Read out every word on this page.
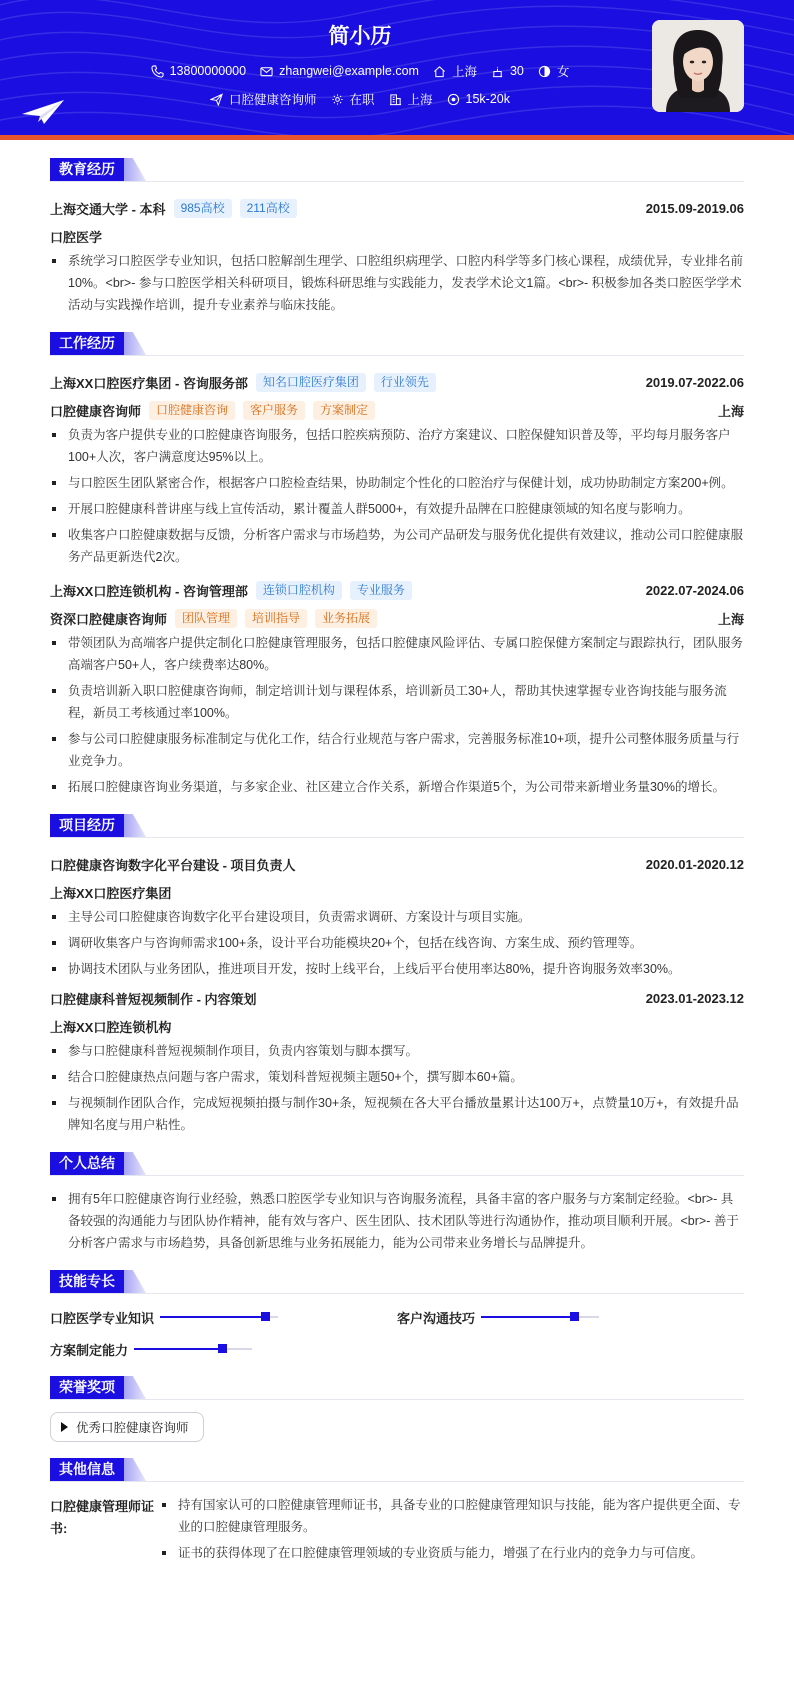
简小历
13800000000	zhangwei@example.com	上海	30	女
口腔健康咨询师	在职	上海	15k-20k
教育经历
上海交通大学 - 本科	985高校	211高校	2015.09-2019.06
口腔医学
系统学习口腔医学专业知识，包括口腔解剖生理学、口腔组织病理学、口腔内科学等多门核心课程，成绩优异，专业排名前10%。<br>- 参与口腔医学相关科研项目，锻炼科研思维与实践能力，发表学术论文1篇。<br>- 积极参加各类口腔医学学术活动与实践操作培训，提升专业素养与临床技能。
工作经历
上海XX口腔医疗集团 - 咨询服务部	知名口腔医疗集团	行业领先	2019.07-2022.06
口腔健康咨询师	口腔健康咨询	客户服务	方案制定	上海
负责为客户提供专业的口腔健康咨询服务，包括口腔疾病预防、治疗方案建议、口腔保健知识普及等，平均每月服务客户100+人次，客户满意度达95%以上。
与口腔医生团队紧密合作，根据客户口腔检查结果，协助制定个性化的口腔治疗与保健计划，成功协助制定方案200+例。
开展口腔健康科普讲座与线上宣传活动，累计覆盖人群5000+，有效提升品牌在口腔健康领域的知名度与影响力。
收集客户口腔健康数据与反馈，分析客户需求与市场趋势，为公司产品研发与服务优化提供有效建议，推动公司口腔健康服务产品更新迭代2次。
上海XX口腔连锁机构 - 咨询管理部	连锁口腔机构	专业服务	2022.07-2024.06
资深口腔健康咨询师	团队管理	培训指导	业务拓展	上海
带领团队为高端客户提供定制化口腔健康管理服务，包括口腔健康风险评估、专属口腔保健方案制定与跟踪执行，团队服务高端客户50+人，客户续费率达80%。
负责培训新入职口腔健康咨询师，制定培训计划与课程体系，培训新员工30+人，帮助其快速掌握专业咨询技能与服务流程，新员工考核通过率100%。
参与公司口腔健康服务标准制定与优化工作，结合行业规范与客户需求，完善服务标准10+项，提升公司整体服务质量与行业竞争力。
拓展口腔健康咨询业务渠道，与多家企业、社区建立合作关系，新增合作渠道5个，为公司带来新增业务量30%的增长。
项目经历
口腔健康咨询数字化平台建设 - 项目负责人	2020.01-2020.12
上海XX口腔医疗集团
主导公司口腔健康咨询数字化平台建设项目，负责需求调研、方案设计与项目实施。
调研收集客户与咨询师需求100+条，设计平台功能模块20+个，包括在线咨询、方案生成、预约管理等。
协调技术团队与业务团队，推进项目开发，按时上线平台，上线后平台使用率达80%，提升咨询服务效率30%。
口腔健康科普短视频制作 - 内容策划	2023.01-2023.12
上海XX口腔连锁机构
参与口腔健康科普短视频制作项目，负责内容策划与脚本撰写。
结合口腔健康热点问题与客户需求，策划科普短视频主题50+个，撰写脚本60+篇。
与视频制作团队合作，完成短视频拍摄与制作30+条，短视频在各大平台播放量累计达100万+，点赞量10万+，有效提升品牌知名度与用户粘性。
个人总结
拥有5年口腔健康咨询行业经验，熟悉口腔医学专业知识与咨询服务流程，具备丰富的客户服务与方案制定经验。<br>- 具备较强的沟通能力与团队协作精神，能有效与客户、医生团队、技术团队等进行沟通协作，推动项目顺利开展。<br>- 善于分析客户需求与市场趋势，具备创新思维与业务拓展能力，能为公司带来业务增长与品牌提升。
技能专长
口腔医学专业知识	客户沟通技巧
方案制定能力
荣誉奖项
优秀口腔健康咨询师
其他信息
口腔健康管理师证书:
持有国家认可的口腔健康管理师证书，具备专业的口腔健康管理知识与技能，能为客户提供更全面、专业的口腔健康管理服务。
证书的获得体现了在口腔健康管理领域的专业资质与能力，增强了在行业内的竞争力与可信度。
